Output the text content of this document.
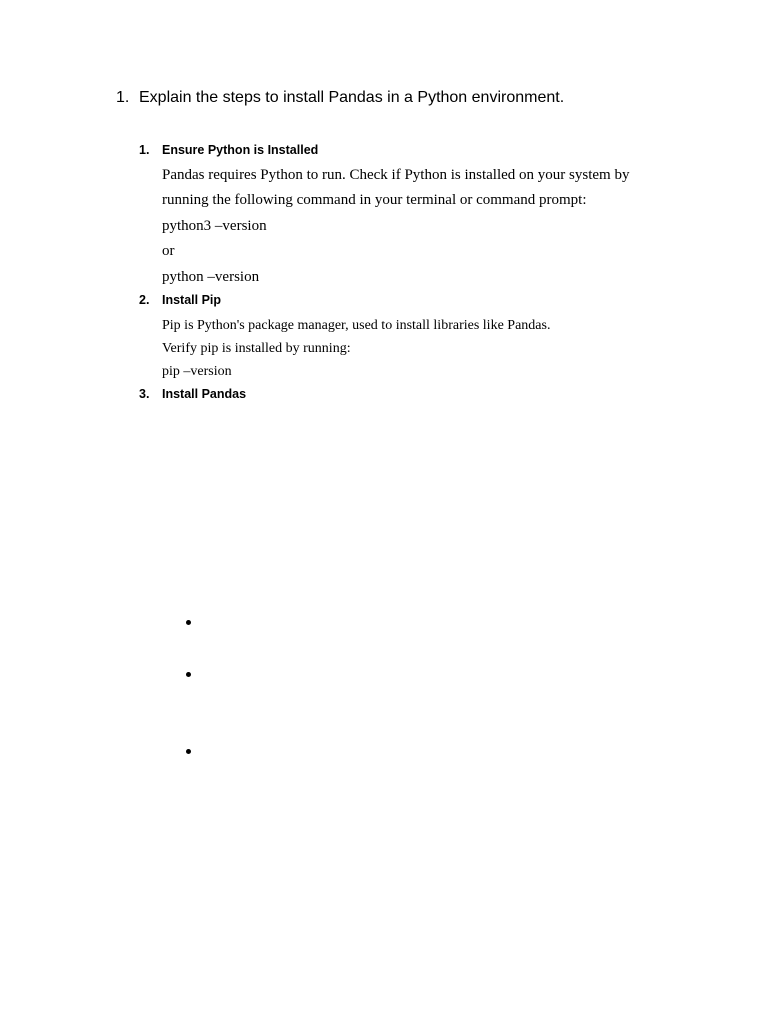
1. Explain the steps to install Pandas in a Python environment.
1. Ensure Python is Installed
Pandas requires Python to run. Check if Python is installed on your system by
running the following command in your terminal or command prompt:
python3 –version
or
python –version
2. Install Pip
Pip is Python's package manager, used to install libraries like Pandas.
Verify pip is installed by running:
pip –version
3. Install Pandas
